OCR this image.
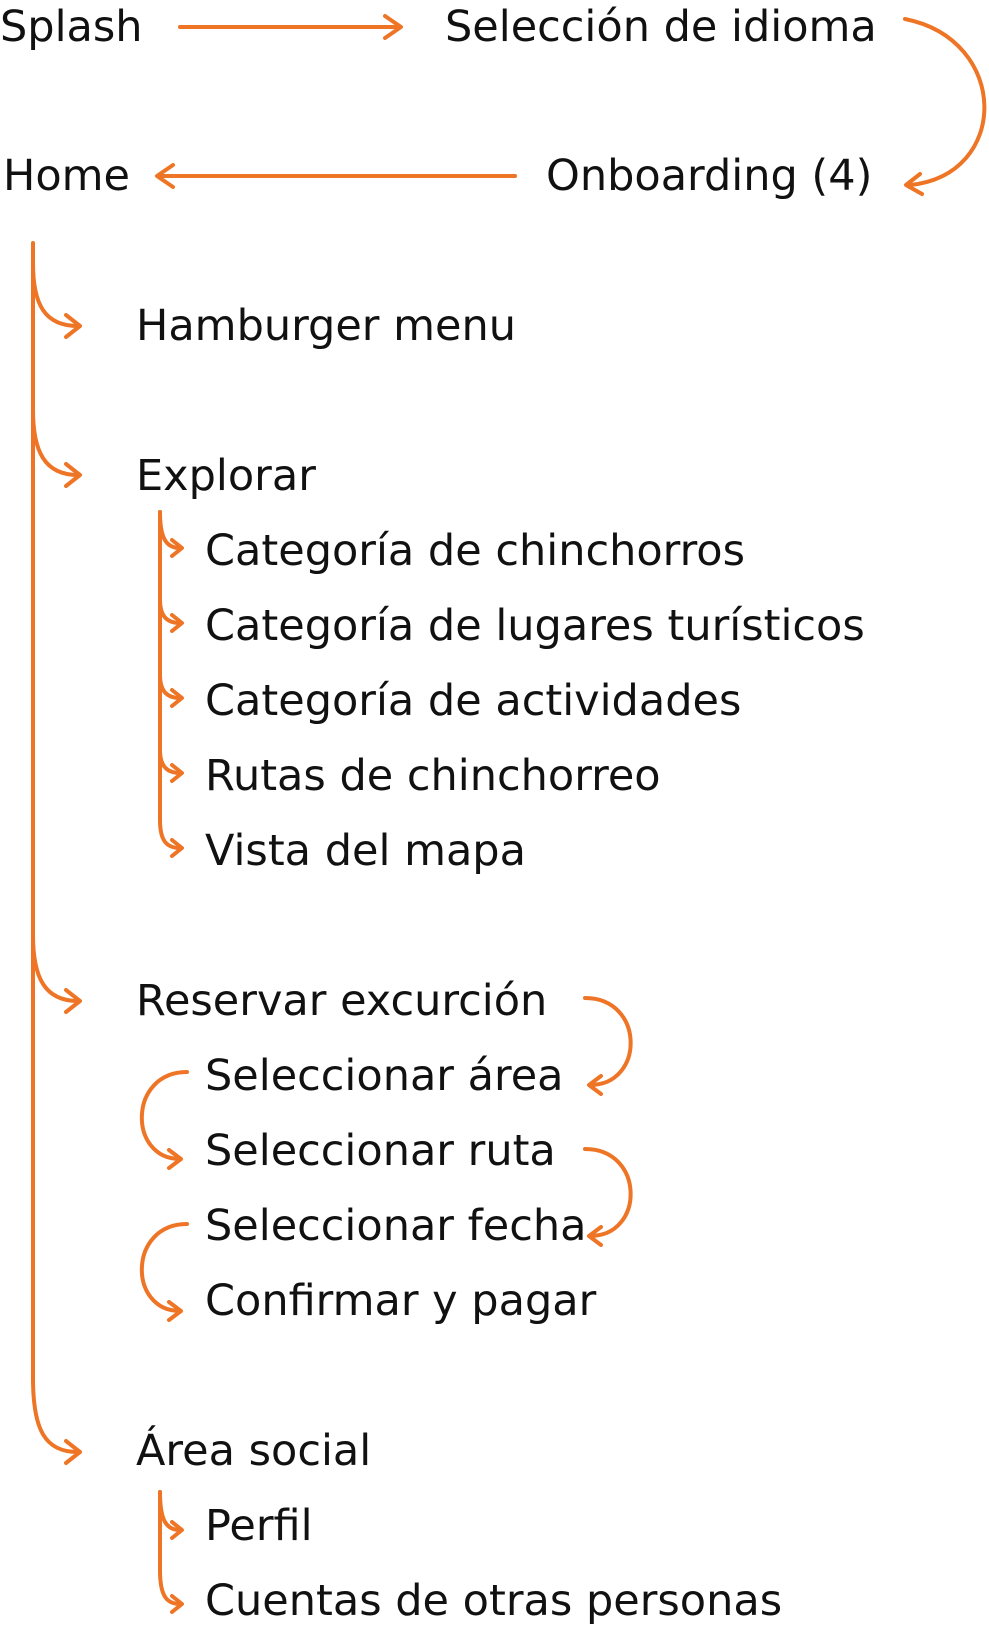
Splash	Selección de idioma
Home	Onboarding (4)
Hamburger menu
Explorar
Categoría de chinchorros
Categoría de lugares turísticos
Categoría de actividades
Rutas de chinchorreo
Vista del mapa
Reservar excurción
Seleccionar área
Seleccionar ruta
Seleccionar fecha
Confirmar y pagar
Área social
Perfil
Cuentas de otras personas
